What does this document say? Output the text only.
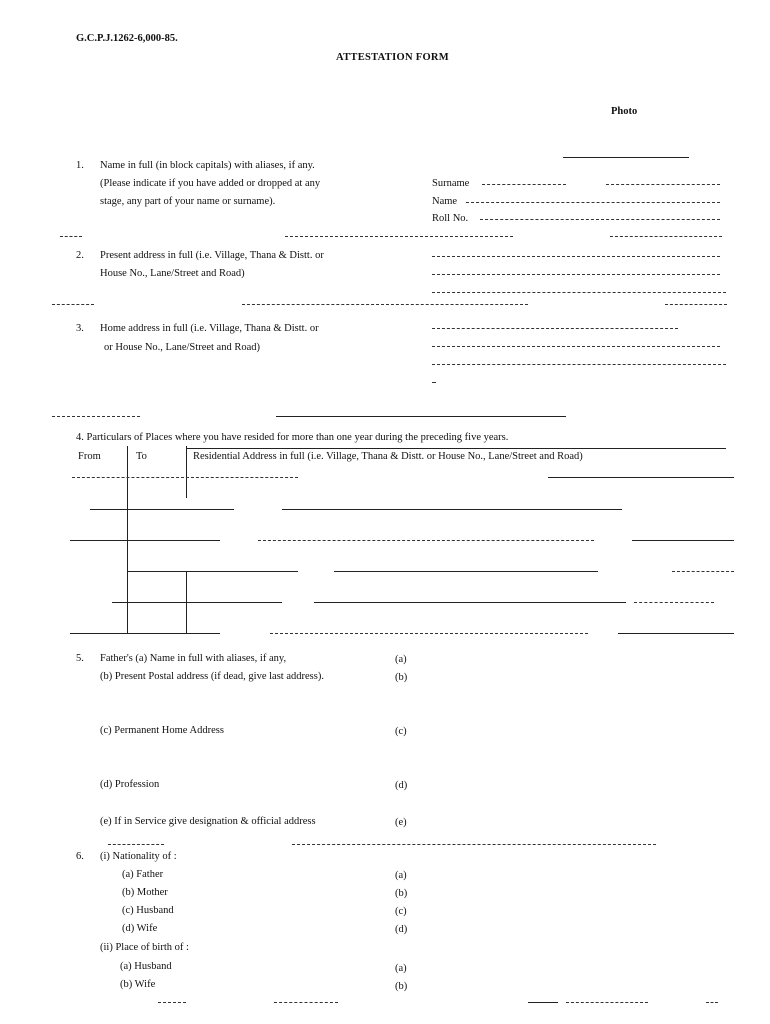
G.C.P.J.1262-6,000-85.
ATTESTATION FORM
Photo
1. Name in full (in block capitals) with aliases, if any.
(Please indicate if you have added or dropped at any
stage, any part of your name or surname).
Surname
Name
Roll No.
2. Present address in full (i.e. Village, Thana & Distt. or
House No., Lane/Street and Road)
3. Home address in full (i.e. Village, Thana & Distt. or
or House No., Lane/Street and Road)
4. Particulars of Places where you have resided for more than one year during the preceding five years.
From	To	Residential Address in full (i.e. Village, Thana & Distt. or House No., Lane/Street and Road)
5. Father's (a) Name in full with aliases, if any,	(a)
(b) Present Postal address (if dead, give last address).	(b)
(c) Permanent Home Address	(c)
(d) Profession	(d)
(e) If in Service give designation & official address	(e)
6. (i) Nationality of :
(a) Father	(a)
(b) Mother	(b)
(c) Husband	(c)
(d) Wife	(d)
(ii) Place of birth of :
(a) Husband	(a)
(b) Wife	(b)
